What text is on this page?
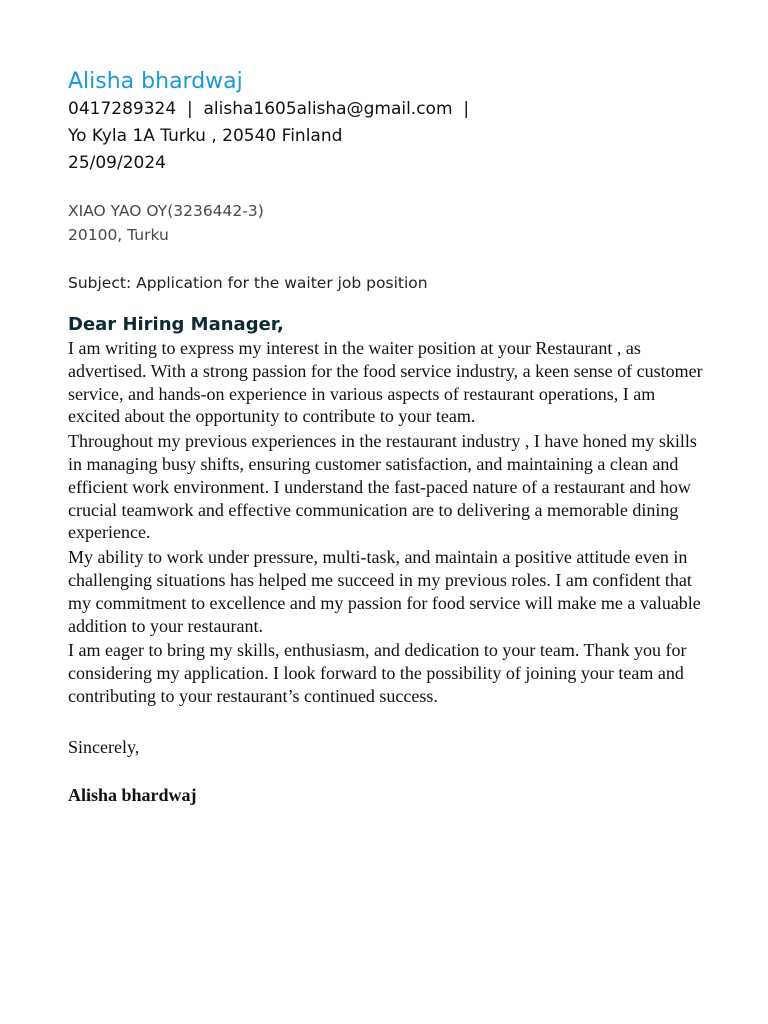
Alisha bhardwaj

0417289324  |  alisha1605alisha@gmail.com  |

Yo Kyla 1A Turku , 20540 Finland

25/09/2024

XIAO YAO OY(3236442-3)

20100, Turku

Subject: Application for the waiter job position

Dear Hiring Manager,

I am writing to express my interest in the waiter position at your Restaurant , as advertised. With a strong passion for the food service industry, a keen sense of customer service, and hands-on experience in various aspects of restaurant operations, I am excited about the opportunity to contribute to your team.

Throughout my previous experiences in the restaurant industry , I have honed my skills in managing busy shifts, ensuring customer satisfaction, and maintaining a clean and efficient work environment. I understand the fast-paced nature of a restaurant and how crucial teamwork and effective communication are to delivering a memorable dining experience.

My ability to work under pressure, multi-task, and maintain a positive attitude even in challenging situations has helped me succeed in my previous roles. I am confident that my commitment to excellence and my passion for food service will make me a valuable addition to your restaurant.

I am eager to bring my skills, enthusiasm, and dedication to your team. Thank you for considering my application. I look forward to the possibility of joining your team and contributing to your restaurant’s continued success.

Sincerely,

Alisha bhardwaj
